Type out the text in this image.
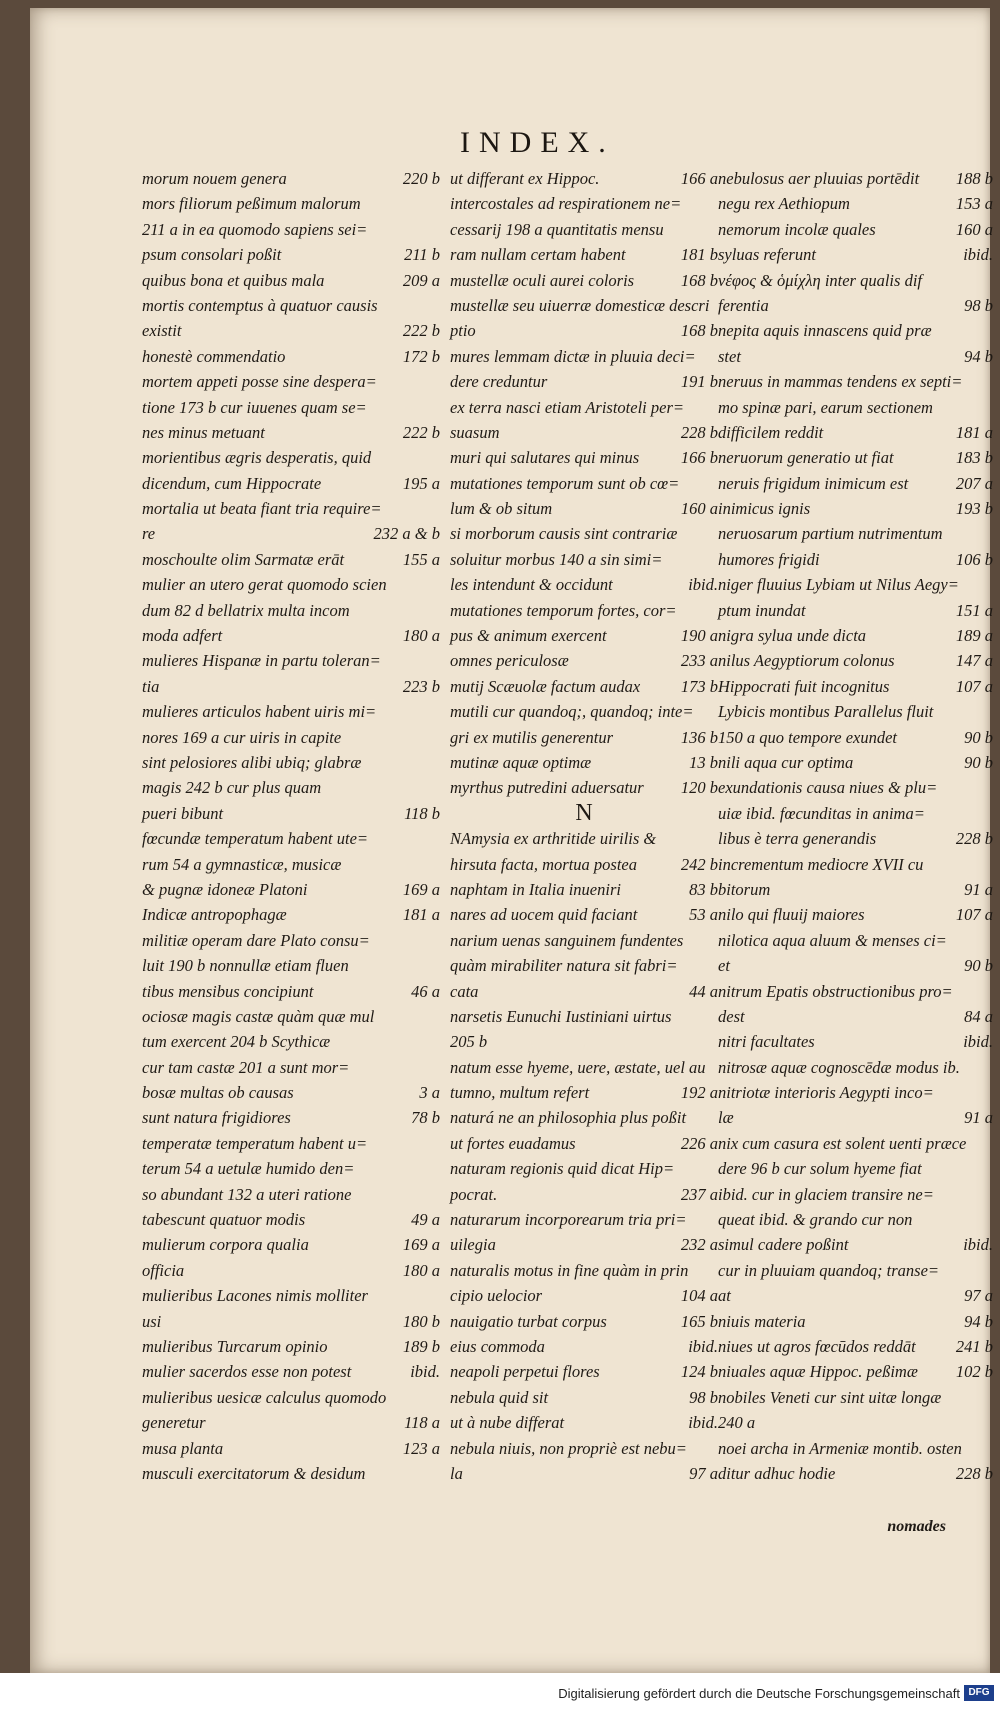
INDEX.
morum nouem genera	220 b
mors filiorum peßimum malorum
211 a in ea quomodo sapiens sei=
psum consolari poßit	211 b
quibus bona et quibus mala	209 a
mortis contemptus à quatuor causis
existit	222 b
honestè commendatio	172 b
mortem appeti posse sine despera=
tione 173 b cur iuuenes quam se=
nes minus metuant	222 b
morientibus ægris desperatis, quid
dicendum, cum Hippocrate	195 a
mortalia ut beata fiant tria require=
re	232 a & b
moschoulte olim Sarmatæ erāt	155 a
mulier an utero gerat quomodo scien
dum 82 d bellatrix multa incom
moda adfert	180 a
mulieres Hispanæ in partu toleran=
tia	223 b
mulieres articulos habent uiris mi=
nores 169 a cur uiris in capite
sint pelosiores alibi ubiq; glabræ
magis 242 b cur plus quam
pueri bibunt	118 b
fœcundæ temperatum habent ute=
rum 54 a gymnasticæ, musicæ
& pugnæ idoneæ Platoni	169 a
Indicæ antropophagæ	181 a
militiæ operam dare Plato consu=
luit 190 b nonnullæ etiam fluen
tibus mensibus concipiunt	46 a
ociosæ magis castæ quàm quæ mul
tum exercent 204 b Scythicæ
cur tam castæ 201 a sunt mor=
bosæ multas ob causas	3 a
sunt natura frigidiores	78 b
temperatæ temperatum habent u=
terum 54 a uetulæ humido den=
so abundant 132 a uteri ratione
tabescunt quatuor modis	49 a
mulierum corpora qualia	169 a
officia	180 a
mulieribus Lacones nimis molliter
usi	180 b
mulieribus Turcarum opinio	189 b
mulier sacerdos esse non potest	ibid.
mulieribus uesicæ calculus quomodo
generetur	118 a
musa planta	123 a
musculi exercitatorum & desidum
ut differant ex Hippoc.	166 a
intercostales ad respirationem ne=
cessarij 198 a quantitatis mensu
ram nullam certam habent	181 b
mustellæ oculi aurei coloris	168 b
mustellæ seu uiuerræ domesticæ descri
ptio	168 b
mures lemmam dictæ in pluuia deci=
dere creduntur	191 b
ex terra nasci etiam Aristoteli per=
suasum	228 b
muri qui salutares qui minus	166 b
mutationes temporum sunt ob cœ=
lum & ob situm	160 a
si morborum causis sint contrariæ
soluitur morbus 140 a sin simi=
les intendunt & occidunt	ibid.
mutationes temporum fortes, cor=
pus & animum exercent	190 a
omnes periculosæ	233 a
mutij Scæuolæ factum audax 173 b
mutili cur quandoq;, quandoq; inte=
gri ex mutilis generentur	136 b
mutinæ aquæ optimæ	13 b
myrthus putredini aduersatur 120 b
N
NAmysia ex arthritide uirilis &
hirsuta facta, mortua postea	242 b
naphtam in Italia inueniri	83 b
nares ad uocem quid faciant	53 a
narium uenas sanguinem fundentes
quàm mirabiliter natura sit fabri=
cata	44 a
narsetis Eunuchi Iustiniani uirtus
205 b
natum esse hyeme, uere, æstate, uel au
tumno, multum refert	192 a
naturá ne an philosophia plus poßit
ut fortes euadamus	226 a
naturam regionis quid dicat Hip=
pocrat.	237 a
naturarum incorporearum tria pri=
uilegia	232 a
naturalis motus in fine quàm in prin
cipio uelocior	104 a
nauigatio turbat corpus	165 b
eius commoda	ibid.
neapoli perpetui flores	124 b
nebula quid sit	98 b
ut à nube differat	ibid.
nebula niuis, non propriè est nebu=
la	97 a
nebulosus aer pluuias portēdit 188 b
negu rex Aethiopum	153 a
nemorum incolæ quales	160 a
syluas referunt	ibid.
νέφος & ὁμίχλη inter qualis dif
ferentia	98 b
nepita aquis innascens quid præ
stet	94 b
neruus in mammas tendens ex septi=
mo spinæ pari, earum sectionem
difficilem reddit	181 a
neruorum generatio ut fiat	183 b
neruis frigidum inimicum est	207 a
inimicus ignis	193 b
neruosarum partium nutrimentum
humores frigidi	106 b
niger fluuius Lybiam ut Nilus Aegy=
ptum inundat	151 a
nigra sylua unde dicta	189 a
nilus Aegyptiorum colonus	147 a
Hippocrati fuit incognitus	107 a
Lybicis montibus Parallelus fluit
150 a quo tempore exundet	90 b
nili aqua cur optima	90 b
exundationis causa niues & plu=
uiæ ibid. fœcunditas in anima=
libus è terra generandis	228 b
incrementum mediocre XVII cu
bitorum	91 a
nilo qui fluuij maiores	107 a
nilotica aqua aluum & menses ci=
et	90 b
nitrum Epatis obstructionibus pro=
dest	84 a
nitri facultates	ibid.
nitrosæ aquæ cognoscēdæ modus ib.
nitriotæ interioris Aegypti inco=
læ	91 a
nix cum casura est solent uenti præce
dere 96 b cur solum hyeme fiat
ibid. cur in glaciem transire ne=
queat ibid. & grando cur non
simul cadere poßint	ibid.
cur in pluuiam quandoq; transe=
at	97 a
niuis materia	94 b
niues ut agros fœcūdos reddāt 241 b
niuales aquæ Hippoc. peßimæ 102 b
nobiles Veneti cur sint uitæ longæ
240 a
noei archa in Armeniæ montib. osten
ditur adhuc hodie	228 b
nomades
Digitalisierung gefördert durch die Deutsche Forschungsgemeinschaft DFG
